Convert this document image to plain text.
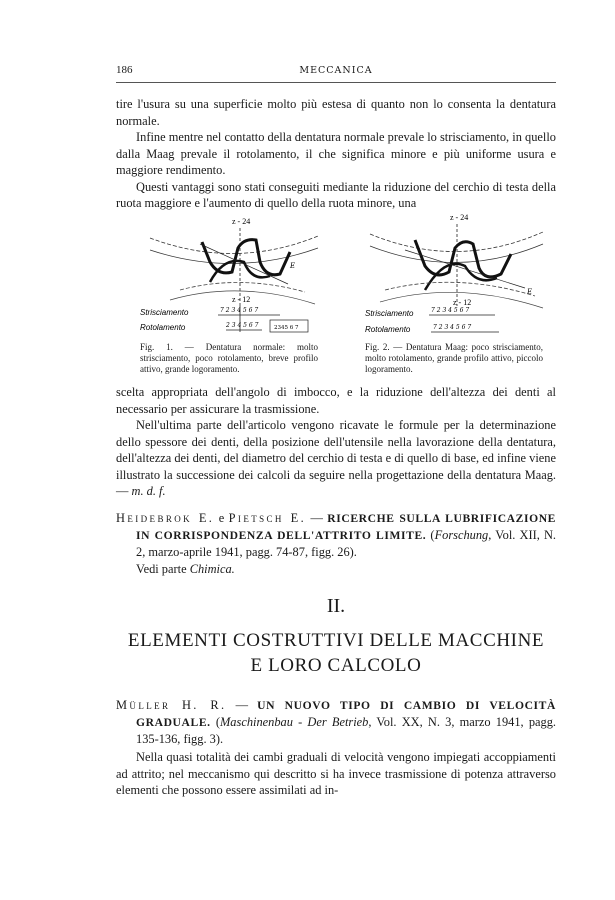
186	MECCANICA

tire l'usura su una superficie molto più estesa di quanto non lo consenta la dentatura normale.

Infine mentre nel contatto della dentatura normale prevale lo strisciamento, in quello dalla Maag prevale il rotolamento, il che significa minore e più uniforme usura e maggiore rendimento.

Questi vantaggi sono stati conseguiti mediante la riduzione del cerchio di testa della ruota maggiore e l'aumento di quello della ruota minore, una

z - 24
E
z - 12
Strisciamento	7 2 3 4 5 6 7
Rotolamento	2 3 4 5 6 7	2345 6 7
Fig. 1. — Dentatura normale: molto strisciamento, poco rotolamento, breve profilo attivo, grande logoramento.
z - 24
E
z - 12
Strisciamento	7 2 3 4 5 6 7
Rotolamento	7 2 3 4 5 6 7
Fig. 2. — Dentatura Maag: poco strisciamento, molto rotolamento, grande profilo attivo, piccolo logoramento.

scelta appropriata dell'angolo di imbocco, e la riduzione dell'altezza dei denti al necessario per assicurare la trasmissione.

Nell'ultima parte dell'articolo vengono ricavate le formule per la determinazione dello spessore dei denti, della posizione dell'utensile nella lavorazione della dentatura, dell'altezza dei denti, del diametro del cerchio di testa e di quello di base, ed infine viene illustrato la successione dei calcoli da seguire nella progettazione della dentatura Maag. — m. d. f.

Heidebrok E. e Pietsch E. — RICERCHE SULLA LUBRIFICAZIONE IN CORRISPONDENZA DELL'ATTRITO LIMITE. (Forschung, Vol. XII, N. 2, marzo-aprile 1941, pagg. 74-87, figg. 26).

Vedi parte Chimica.

II.
ELEMENTI COSTRUTTIVI DELLE MACCHINE
E LORO CALCOLO

Müller H. R. — UN NUOVO TIPO DI CAMBIO DI VELOCITÀ GRADUALE. (Maschinenbau - Der Betrieb, Vol. XX, N. 3, marzo 1941, pagg. 135-136, figg. 3).

Nella quasi totalità dei cambi graduali di velocità vengono impiegati accoppiamenti ad attrito; nel meccanismo qui descritto si ha invece trasmissione di potenza attraverso elementi che possono essere assimilati ad in-
